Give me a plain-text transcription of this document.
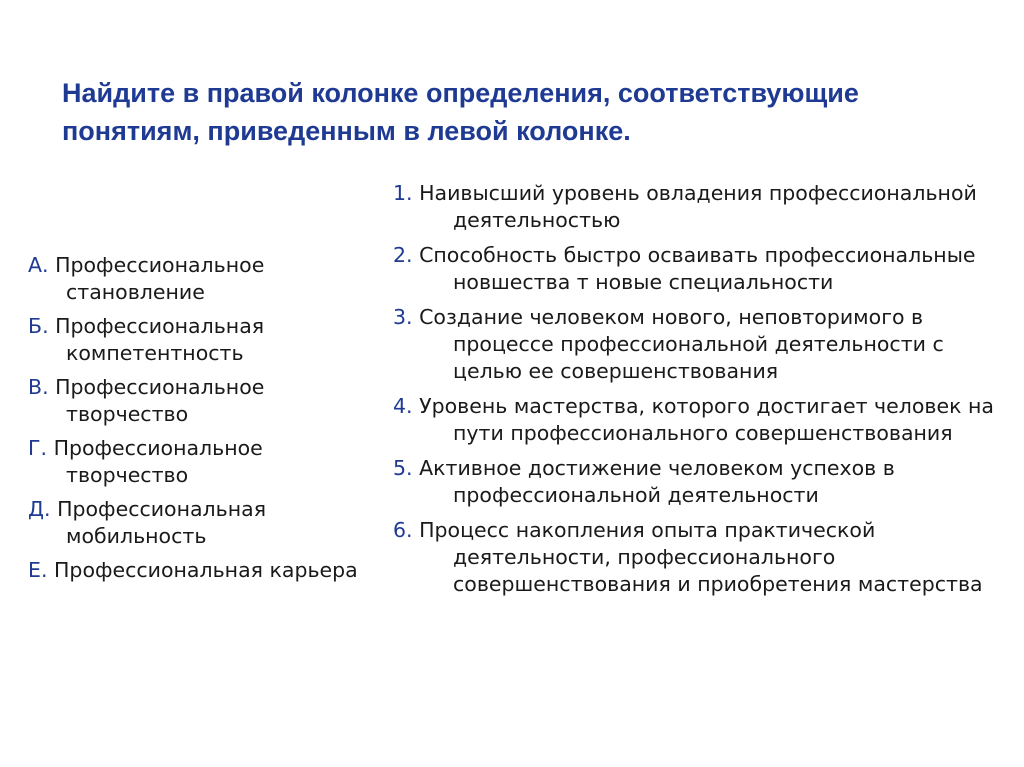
Найдите в правой колонке определения, соответствующие понятиям, приведенным в левой колонке.
А. Профессиональное становление
Б. Профессиональная компетентность
В. Профессиональное творчество
Г. Профессиональное творчество
Д. Профессиональная мобильность
Е. Профессиональная карьера
1. Наивысший уровень овладения профессиональной деятельностью
2. Способность быстро осваивать профессиональные новшества т новые специальности
3. Создание человеком нового, неповторимого в процессе профессиональной деятельности с целью ее совершенствования
4. Уровень мастерства, которого достигает человек на пути профессионального совершенствования
5. Активное достижение человеком успехов в профессиональной деятельности
6. Процесс накопления опыта практической деятельности, профессионального совершенствования и приобретения мастерства
